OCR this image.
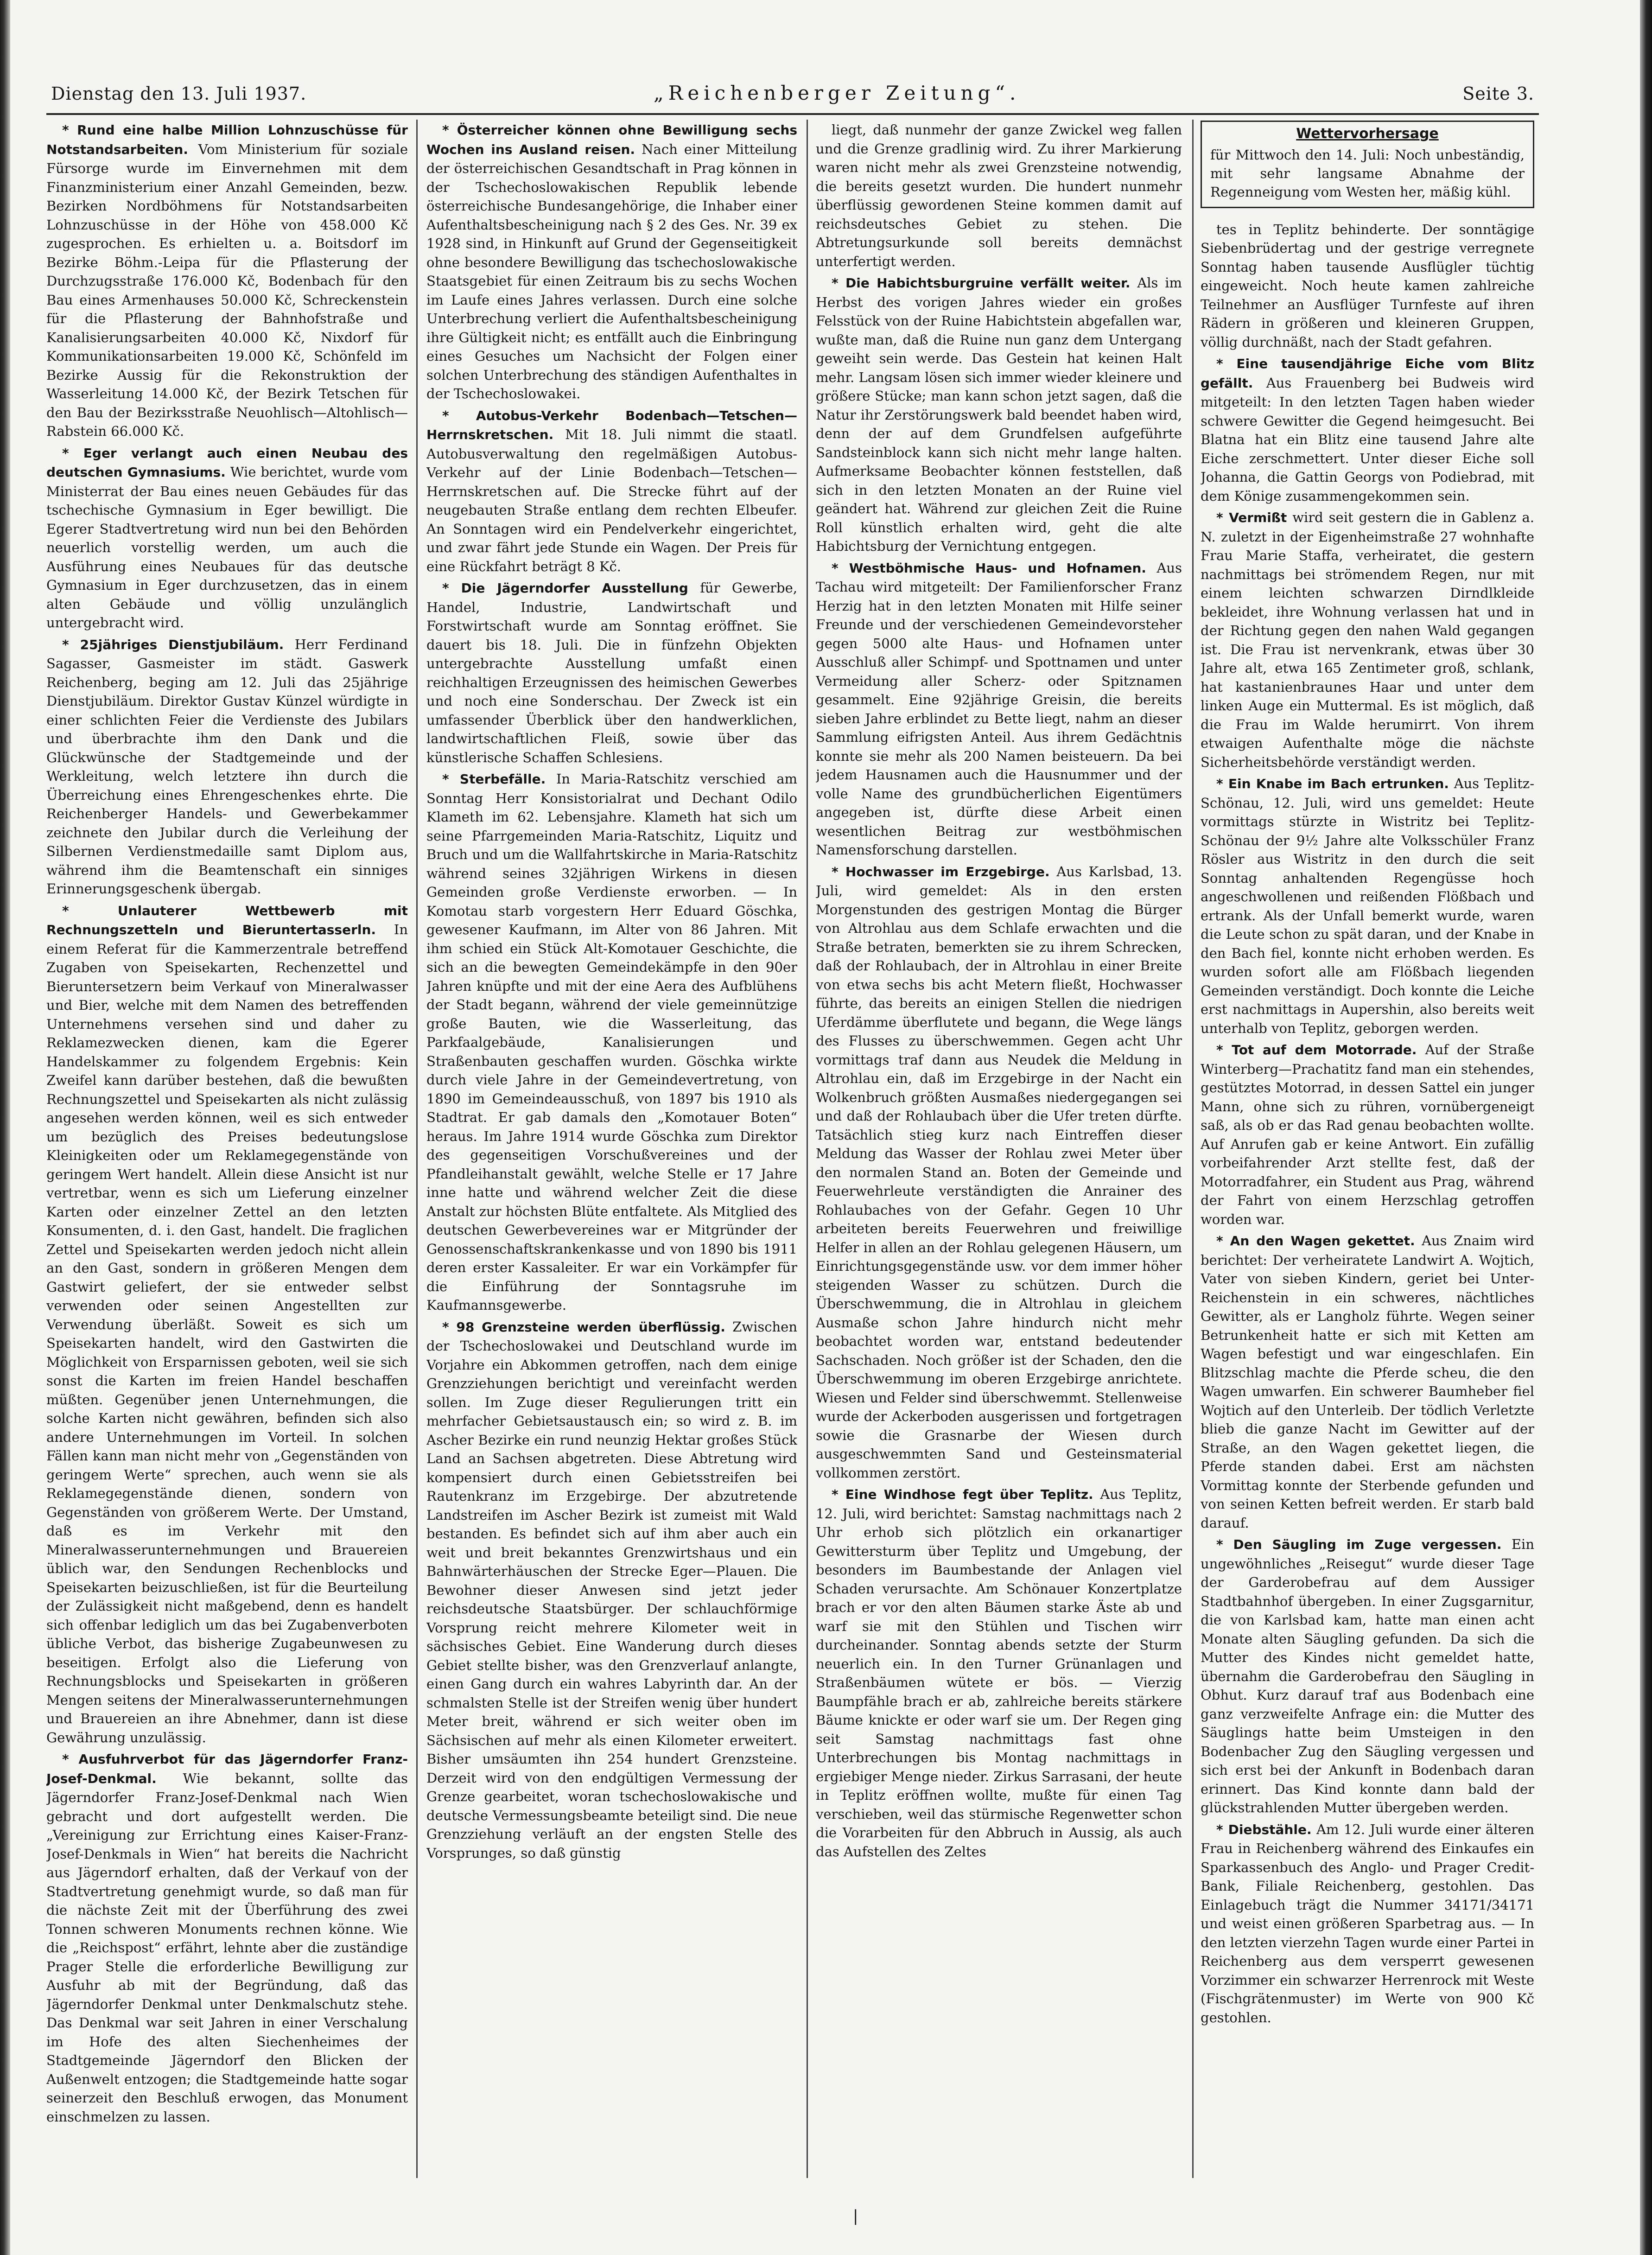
Dienstag den 13. Juli 1937.	„Reichenberger Zeitung“.	Seite 3.

* Rund eine halbe Million Lohnzuschüsse für Notstandsarbeiten. Vom Ministerium für soziale Fürsorge wurde im Einvernehmen mit dem Finanzministerium einer Anzahl Gemeinden, bezw. Bezirken Nordböhmens für Notstandsarbeiten Lohnzuschüsse in der Höhe von 458.000 Kč zugesprochen. Es erhielten u. a. Boitsdorf im Bezirke Böhm.-Leipa für die Pflasterung der Durchzugsstraße 176.000 Kč, Bodenbach für den Bau eines Armenhauses 50.000 Kč, Schreckenstein für die Pflasterung der Bahnhofstraße und Kanalisierungsarbeiten 40.000 Kč, Nixdorf für Kommunikationsarbeiten 19.000 Kč, Schönfeld im Bezirke Aussig für die Rekonstruktion der Wasserleitung 14.000 Kč, der Bezirk Tetschen für den Bau der Bezirksstraße Neuohlisch—Altohlisch—Rabstein 66.000 Kč.

* Eger verlangt auch einen Neubau des deutschen Gymnasiums. Wie berichtet, wurde vom Ministerrat der Bau eines neuen Gebäudes für das tschechische Gymnasium in Eger bewilligt. Die Egerer Stadtvertretung wird nun bei den Behörden neuerlich vorstellig werden, um auch die Ausführung eines Neubaues für das deutsche Gymnasium in Eger durchzusetzen, das in einem alten Gebäude und völlig unzulänglich untergebracht wird.

* 25jähriges Dienstjubiläum. Herr Ferdinand Sagasser, Gasmeister im städt. Gaswerk Reichenberg, beging am 12. Juli das 25jährige Dienstjubiläum. Direktor Gustav Künzel würdigte in einer schlichten Feier die Verdienste des Jubilars und überbrachte ihm den Dank und die Glückwünsche der Stadtgemeinde und der Werkleitung, welch letztere ihn durch die Überreichung eines Ehrengeschenkes ehrte. Die Reichenberger Handels- und Gewerbekammer zeichnete den Jubilar durch die Verleihung der Silbernen Verdienstmedaille samt Diplom aus, während ihm die Beamtenschaft ein sinniges Erinnerungsgeschenk übergab.

* Unlauterer Wettbewerb mit Rechnungszetteln und Bieruntertasserln. In einem Referat für die Kammerzentrale betreffend Zugaben von Speisekarten, Rechenzettel und Bieruntersetzern beim Verkauf von Mineralwasser und Bier, welche mit dem Namen des betreffenden Unternehmens versehen sind und daher zu Reklamezwecken dienen, kam die Egerer Handelskammer zu folgendem Ergebnis: Kein Zweifel kann darüber bestehen, daß die bewußten Rechnungszettel und Speisekarten als nicht zulässig angesehen werden können, weil es sich entweder um bezüglich des Preises bedeutungslose Kleinigkeiten oder um Reklamegegenstände von geringem Wert handelt. Allein diese Ansicht ist nur vertretbar, wenn es sich um Lieferung einzelner Karten oder einzelner Zettel an den letzten Konsumenten, d. i. den Gast, handelt. Die fraglichen Zettel und Speisekarten werden jedoch nicht allein an den Gast, sondern in größeren Mengen dem Gastwirt geliefert, der sie entweder selbst verwenden oder seinen Angestellten zur Verwendung überläßt. Soweit es sich um Speisekarten handelt, wird den Gastwirten die Möglichkeit von Ersparnissen geboten, weil sie sich sonst die Karten im freien Handel beschaffen müßten. Gegenüber jenen Unternehmungen, die solche Karten nicht gewähren, befinden sich also andere Unternehmungen im Vorteil. In solchen Fällen kann man nicht mehr von „Gegenständen von geringem Werte“ sprechen, auch wenn sie als Reklamegegenstände dienen, sondern von Gegenständen von größerem Werte. Der Umstand, daß es im Verkehr mit den Mineralwasserunternehmungen und Brauereien üblich war, den Sendungen Rechenblocks und Speisekarten beizuschließen, ist für die Beurteilung der Zulässigkeit nicht maßgebend, denn es handelt sich offenbar lediglich um das bei Zugabenverboten übliche Verbot, das bisherige Zugabeunwesen zu beseitigen. Erfolgt also die Lieferung von Rechnungsblocks und Speisekarten in größeren Mengen seitens der Mineralwasserunternehmungen und Brauereien an ihre Abnehmer, dann ist diese Gewährung unzulässig.

* Ausfuhrverbot für das Jägerndorfer Franz-Josef-Denkmal. Wie bekannt, sollte das Jägerndorfer Franz-Josef-Denkmal nach Wien gebracht und dort aufgestellt werden. Die „Vereinigung zur Errichtung eines Kaiser-Franz-Josef-Denkmals in Wien“ hat bereits die Nachricht aus Jägerndorf erhalten, daß der Verkauf von der Stadtvertretung genehmigt wurde, so daß man für die nächste Zeit mit der Überführung des zwei Tonnen schweren Monuments rechnen könne. Wie die „Reichspost“ erfährt, lehnte aber die zuständige Prager Stelle die erforderliche Bewilligung zur Ausfuhr ab mit der Begründung, daß das Jägerndorfer Denkmal unter Denkmalschutz stehe. Das Denkmal war seit Jahren in einer Verschalung im Hofe des alten Siechenheimes der Stadtgemeinde Jägerndorf den Blicken der Außenwelt entzogen; die Stadtgemeinde hatte sogar seinerzeit den Beschluß erwogen, das Monument einschmelzen zu lassen.

* Österreicher können ohne Bewilligung sechs Wochen ins Ausland reisen. Nach einer Mitteilung der österreichischen Gesandtschaft in Prag können in der Tschechoslowakischen Republik lebende österreichische Bundesangehörige, die Inhaber einer Aufenthaltsbescheinigung nach § 2 des Ges. Nr. 39 ex 1928 sind, in Hinkunft auf Grund der Gegenseitigkeit ohne besondere Bewilligung das tschechoslowakische Staatsgebiet für einen Zeitraum bis zu sechs Wochen im Laufe eines Jahres verlassen. Durch eine solche Unterbrechung verliert die Aufenthaltsbescheinigung ihre Gültigkeit nicht; es entfällt auch die Einbringung eines Gesuches um Nachsicht der Folgen einer solchen Unterbrechung des ständigen Aufenthaltes in der Tschechoslowakei.

* Autobus-Verkehr Bodenbach—Tetschen—Herrnskretschen. Mit 18. Juli nimmt die staatl. Autobusverwaltung den regelmäßigen Autobus-Verkehr auf der Linie Bodenbach—Tetschen—Herrnskretschen auf. Die Strecke führt auf der neugebauten Straße entlang dem rechten Elbeufer. An Sonntagen wird ein Pendelverkehr eingerichtet, und zwar fährt jede Stunde ein Wagen. Der Preis für eine Rückfahrt beträgt 8 Kč.

* Die Jägerndorfer Ausstellung für Gewerbe, Handel, Industrie, Landwirtschaft und Forstwirtschaft wurde am Sonntag eröffnet. Sie dauert bis 18. Juli. Die in fünfzehn Objekten untergebrachte Ausstellung umfaßt einen reichhaltigen Erzeugnissen des heimischen Gewerbes und noch eine Sonderschau. Der Zweck ist ein umfassender Überblick über den handwerklichen, landwirtschaftlichen Fleiß, sowie über das künstlerische Schaffen Schlesiens.

* Sterbefälle. In Maria-Ratschitz verschied am Sonntag Herr Konsistorialrat und Dechant Odilo Klameth im 62. Lebensjahre. Klameth hat sich um seine Pfarrgemeinden Maria-Ratschitz, Liquitz und Bruch und um die Wallfahrtskirche in Maria-Ratschitz während seines 32jährigen Wirkens in diesen Gemeinden große Verdienste erworben. — In Komotau starb vorgestern Herr Eduard Göschka, gewesener Kaufmann, im Alter von 86 Jahren. Mit ihm schied ein Stück Alt-Komotauer Geschichte, die sich an die bewegten Gemeindekämpfe in den 90er Jahren knüpfte und mit der eine Aera des Aufblühens der Stadt begann, während der viele gemeinnützige große Bauten, wie die Wasserleitung, das Parkfaalgebäude, Kanalisierungen und Straßenbauten geschaffen wurden. Göschka wirkte durch viele Jahre in der Gemeindevertretung, von 1890 im Gemeindeausschuß, von 1897 bis 1910 als Stadtrat. Er gab damals den „Komotauer Boten“ heraus. Im Jahre 1914 wurde Göschka zum Direktor des gegenseitigen Vorschußvereines und der Pfandleihanstalt gewählt, welche Stelle er 17 Jahre inne hatte und während welcher Zeit die diese Anstalt zur höchsten Blüte entfaltete. Als Mitglied des deutschen Gewerbevereines war er Mitgründer der Genossenschaftskrankenkasse und von 1890 bis 1911 deren erster Kassaleiter. Er war ein Vorkämpfer für die Einführung der Sonntagsruhe im Kaufmannsgewerbe.

* 98 Grenzsteine werden überflüssig. Zwischen der Tschechoslowakei und Deutschland wurde im Vorjahre ein Abkommen getroffen, nach dem einige Grenzziehungen berichtigt und vereinfacht werden sollen. Im Zuge dieser Regulierungen tritt ein mehrfacher Gebietsaustausch ein; so wird z. B. im Ascher Bezirke ein rund neunzig Hektar großes Stück Land an Sachsen abgetreten. Diese Abtretung wird kompensiert durch einen Gebietsstreifen bei Rautenkranz im Erzgebirge. Der abzutretende Landstreifen im Ascher Bezirk ist zumeist mit Wald bestanden. Es befindet sich auf ihm aber auch ein weit und breit bekanntes Grenzwirtshaus und ein Bahnwärterhäuschen der Strecke Eger—Plauen. Die Bewohner dieser Anwesen sind jetzt jeder reichsdeutsche Staatsbürger. Der schlauchförmige Vorsprung reicht mehrere Kilometer weit in sächsisches Gebiet. Eine Wanderung durch dieses Gebiet stellte bisher, was den Grenzverlauf anlangte, einen Gang durch ein wahres Labyrinth dar. An der schmalsten Stelle ist der Streifen wenig über hundert Meter breit, während er sich weiter oben im Sächsischen auf mehr als einen Kilometer erweitert. Bisher umsäumten ihn 254 hundert Grenzsteine. Derzeit wird von den endgültigen Vermessung der Grenze gearbeitet, woran tschechoslowakische und deutsche Vermessungsbeamte beteiligt sind. Die neue Grenzziehung verläuft an der engsten Stelle des Vorsprunges, so daß günstig

liegt, daß nunmehr der ganze Zwickel weg fallen und die Grenze gradlinig wird. Zu ihrer Markierung waren nicht mehr als zwei Grenzsteine notwendig, die bereits gesetzt wurden. Die hundert nunmehr überflüssig gewordenen Steine kommen damit auf reichsdeutsches Gebiet zu stehen. Die Abtretungsurkunde soll bereits demnächst unterfertigt werden.

* Die Habichtsburgruine verfällt weiter. Als im Herbst des vorigen Jahres wieder ein großes Felsstück von der Ruine Habichtstein abgefallen war, wußte man, daß die Ruine nun ganz dem Untergang geweiht sein werde. Das Gestein hat keinen Halt mehr. Langsam lösen sich immer wieder kleinere und größere Stücke; man kann schon jetzt sagen, daß die Natur ihr Zerstörungswerk bald beendet haben wird, denn der auf dem Grundfelsen aufgeführte Sandsteinblock kann sich nicht mehr lange halten. Aufmerksame Beobachter können feststellen, daß sich in den letzten Monaten an der Ruine viel geändert hat. Während zur gleichen Zeit die Ruine Roll künstlich erhalten wird, geht die alte Habichtsburg der Vernichtung entgegen.

* Westböhmische Haus- und Hofnamen. Aus Tachau wird mitgeteilt: Der Familienforscher Franz Herzig hat in den letzten Monaten mit Hilfe seiner Freunde und der verschiedenen Gemeindevorsteher gegen 5000 alte Haus- und Hofnamen unter Ausschluß aller Schimpf- und Spottnamen und unter Vermeidung aller Scherz- oder Spitznamen gesammelt. Eine 92jährige Greisin, die bereits sieben Jahre erblindet zu Bette liegt, nahm an dieser Sammlung eifrigsten Anteil. Aus ihrem Gedächtnis konnte sie mehr als 200 Namen beisteuern. Da bei jedem Hausnamen auch die Hausnummer und der volle Name des grundbücherlichen Eigentümers angegeben ist, dürfte diese Arbeit einen wesentlichen Beitrag zur westböhmischen Namensforschung darstellen.

* Hochwasser im Erzgebirge. Aus Karlsbad, 13. Juli, wird gemeldet: Als in den ersten Morgenstunden des gestrigen Montag die Bürger von Altrohlau aus dem Schlafe erwachten und die Straße betraten, bemerkten sie zu ihrem Schrecken, daß der Rohlaubach, der in Altrohlau in einer Breite von etwa sechs bis acht Metern fließt, Hochwasser führte, das bereits an einigen Stellen die niedrigen Uferdämme überflutete und begann, die Wege längs des Flusses zu überschwemmen. Gegen acht Uhr vormittags traf dann aus Neudek die Meldung in Altrohlau ein, daß im Erzgebirge in der Nacht ein Wolkenbruch größten Ausmaßes niedergegangen sei und daß der Rohlaubach über die Ufer treten dürfte. Tatsächlich stieg kurz nach Eintreffen dieser Meldung das Wasser der Rohlau zwei Meter über den normalen Stand an. Boten der Gemeinde und Feuerwehrleute verständigten die Anrainer des Rohlaubaches von der Gefahr. Gegen 10 Uhr arbeiteten bereits Feuerwehren und freiwillige Helfer in allen an der Rohlau gelegenen Häusern, um Einrichtungsgegenstände usw. vor dem immer höher steigenden Wasser zu schützen. Durch die Überschwemmung, die in Altrohlau in gleichem Ausmaße schon Jahre hindurch nicht mehr beobachtet worden war, entstand bedeutender Sachschaden. Noch größer ist der Schaden, den die Überschwemmung im oberen Erzgebirge anrichtete. Wiesen und Felder sind überschwemmt. Stellenweise wurde der Ackerboden ausgerissen und fortgetragen sowie die Grasnarbe der Wiesen durch ausgeschwemmten Sand und Gesteinsmaterial vollkommen zerstört.

* Eine Windhose fegt über Teplitz. Aus Teplitz, 12. Juli, wird berichtet: Samstag nachmittags nach 2 Uhr erhob sich plötzlich ein orkanartiger Gewittersturm über Teplitz und Umgebung, der besonders im Baumbestande der Anlagen viel Schaden verursachte. Am Schönauer Konzertplatze brach er vor den alten Bäumen starke Äste ab und warf sie mit den Stühlen und Tischen wirr durcheinander. Sonntag abends setzte der Sturm neuerlich ein. In den Turner Grünanlagen und Straßenbäumen wütete er bös. — Vierzig Baumpfähle brach er ab, zahlreiche bereits stärkere Bäume knickte er oder warf sie um. Der Regen ging seit Samstag nachmittags fast ohne Unterbrechungen bis Montag nachmittags in ergiebiger Menge nieder. Zirkus Sarrasani, der heute in Teplitz eröffnen wollte, mußte für einen Tag verschieben, weil das stürmische Regenwetter schon die Vorarbeiten für den Abbruch in Aussig, als auch das Aufstellen des Zeltes

Wettervorhersage
für Mittwoch den 14. Juli: Noch unbeständig, mit sehr langsame Abnahme der Regenneigung vom Westen her, mäßig kühl.

tes in Teplitz behinderte. Der sonntägige Siebenbrüdertag und der gestrige verregnete Sonntag haben tausende Ausflügler tüchtig eingeweicht. Noch heute kamen zahlreiche Teilnehmer an Ausflüger Turnfeste auf ihren Rädern in größeren und kleineren Gruppen, völlig durchnäßt, nach der Stadt gefahren.

* Eine tausendjährige Eiche vom Blitz gefällt. Aus Frauenberg bei Budweis wird mitgeteilt: In den letzten Tagen haben wieder schwere Gewitter die Gegend heimgesucht. Bei Blatna hat ein Blitz eine tausend Jahre alte Eiche zerschmettert. Unter dieser Eiche soll Johanna, die Gattin Georgs von Podiebrad, mit dem Könige zusammengekommen sein.

* Vermißt wird seit gestern die in Gablenz a. N. zuletzt in der Eigenheimstraße 27 wohnhafte Frau Marie Staffa, verheiratet, die gestern nachmittags bei strömendem Regen, nur mit einem leichten schwarzen Dirndlkleide bekleidet, ihre Wohnung verlassen hat und in der Richtung gegen den nahen Wald gegangen ist. Die Frau ist nervenkrank, etwas über 30 Jahre alt, etwa 165 Zentimeter groß, schlank, hat kastanienbraunes Haar und unter dem linken Auge ein Muttermal. Es ist möglich, daß die Frau im Walde herumirrt. Von ihrem etwaigen Aufenthalte möge die nächste Sicherheitsbehörde verständigt werden.

* Ein Knabe im Bach ertrunken. Aus Teplitz-Schönau, 12. Juli, wird uns gemeldet: Heute vormittags stürzte in Wistritz bei Teplitz-Schönau der 9½ Jahre alte Volksschüler Franz Rösler aus Wistritz in den durch die seit Sonntag anhaltenden Regengüsse hoch angeschwollenen und reißenden Flößbach und ertrank. Als der Unfall bemerkt wurde, waren die Leute schon zu spät daran, und der Knabe in den Bach fiel, konnte nicht erhoben werden. Es wurden sofort alle am Flößbach liegenden Gemeinden verständigt. Doch konnte die Leiche erst nachmittags in Aupershin, also bereits weit unterhalb von Teplitz, geborgen werden.

* Tot auf dem Motorrade. Auf der Straße Winterberg—Prachatitz fand man ein stehendes, gestütztes Motorrad, in dessen Sattel ein junger Mann, ohne sich zu rühren, vornübergeneigt saß, als ob er das Rad genau beobachten wollte. Auf Anrufen gab er keine Antwort. Ein zufällig vorbeifahrender Arzt stellte fest, daß der Motorradfahrer, ein Student aus Prag, während der Fahrt von einem Herzschlag getroffen worden war.

* An den Wagen gekettet. Aus Znaim wird berichtet: Der verheiratete Landwirt A. Wojtich, Vater von sieben Kindern, geriet bei Unter-Reichenstein in ein schweres, nächtliches Gewitter, als er Langholz führte. Wegen seiner Betrunkenheit hatte er sich mit Ketten am Wagen befestigt und war eingeschlafen. Ein Blitzschlag machte die Pferde scheu, die den Wagen umwarfen. Ein schwerer Baumheber fiel Wojtich auf den Unterleib. Der tödlich Verletzte blieb die ganze Nacht im Gewitter auf der Straße, an den Wagen gekettet liegen, die Pferde standen dabei. Erst am nächsten Vormittag konnte der Sterbende gefunden und von seinen Ketten befreit werden. Er starb bald darauf.

* Den Säugling im Zuge vergessen. Ein ungewöhnliches „Reisegut“ wurde dieser Tage der Garderobefrau auf dem Aussiger Stadtbahnhof übergeben. In einer Zugsgarnitur, die von Karlsbad kam, hatte man einen acht Monate alten Säugling gefunden. Da sich die Mutter des Kindes nicht gemeldet hatte, übernahm die Garderobefrau den Säugling in Obhut. Kurz darauf traf aus Bodenbach eine ganz verzweifelte Anfrage ein: die Mutter des Säuglings hatte beim Umsteigen in den Bodenbacher Zug den Säugling vergessen und sich erst bei der Ankunft in Bodenbach daran erinnert. Das Kind konnte dann bald der glückstrahlenden Mutter übergeben werden.

* Diebstähle. Am 12. Juli wurde einer älteren Frau in Reichenberg während des Einkaufes ein Sparkassenbuch des Anglo- und Prager Credit-Bank, Filiale Reichenberg, gestohlen. Das Einlagebuch trägt die Nummer 34171/34171 und weist einen größeren Sparbetrag aus. — In den letzten vierzehn Tagen wurde einer Partei in Reichenberg aus dem versperrt gewesenen Vorzimmer ein schwarzer Herrenrock mit Weste (Fischgrätenmuster) im Werte von 900 Kč gestohlen.

|
